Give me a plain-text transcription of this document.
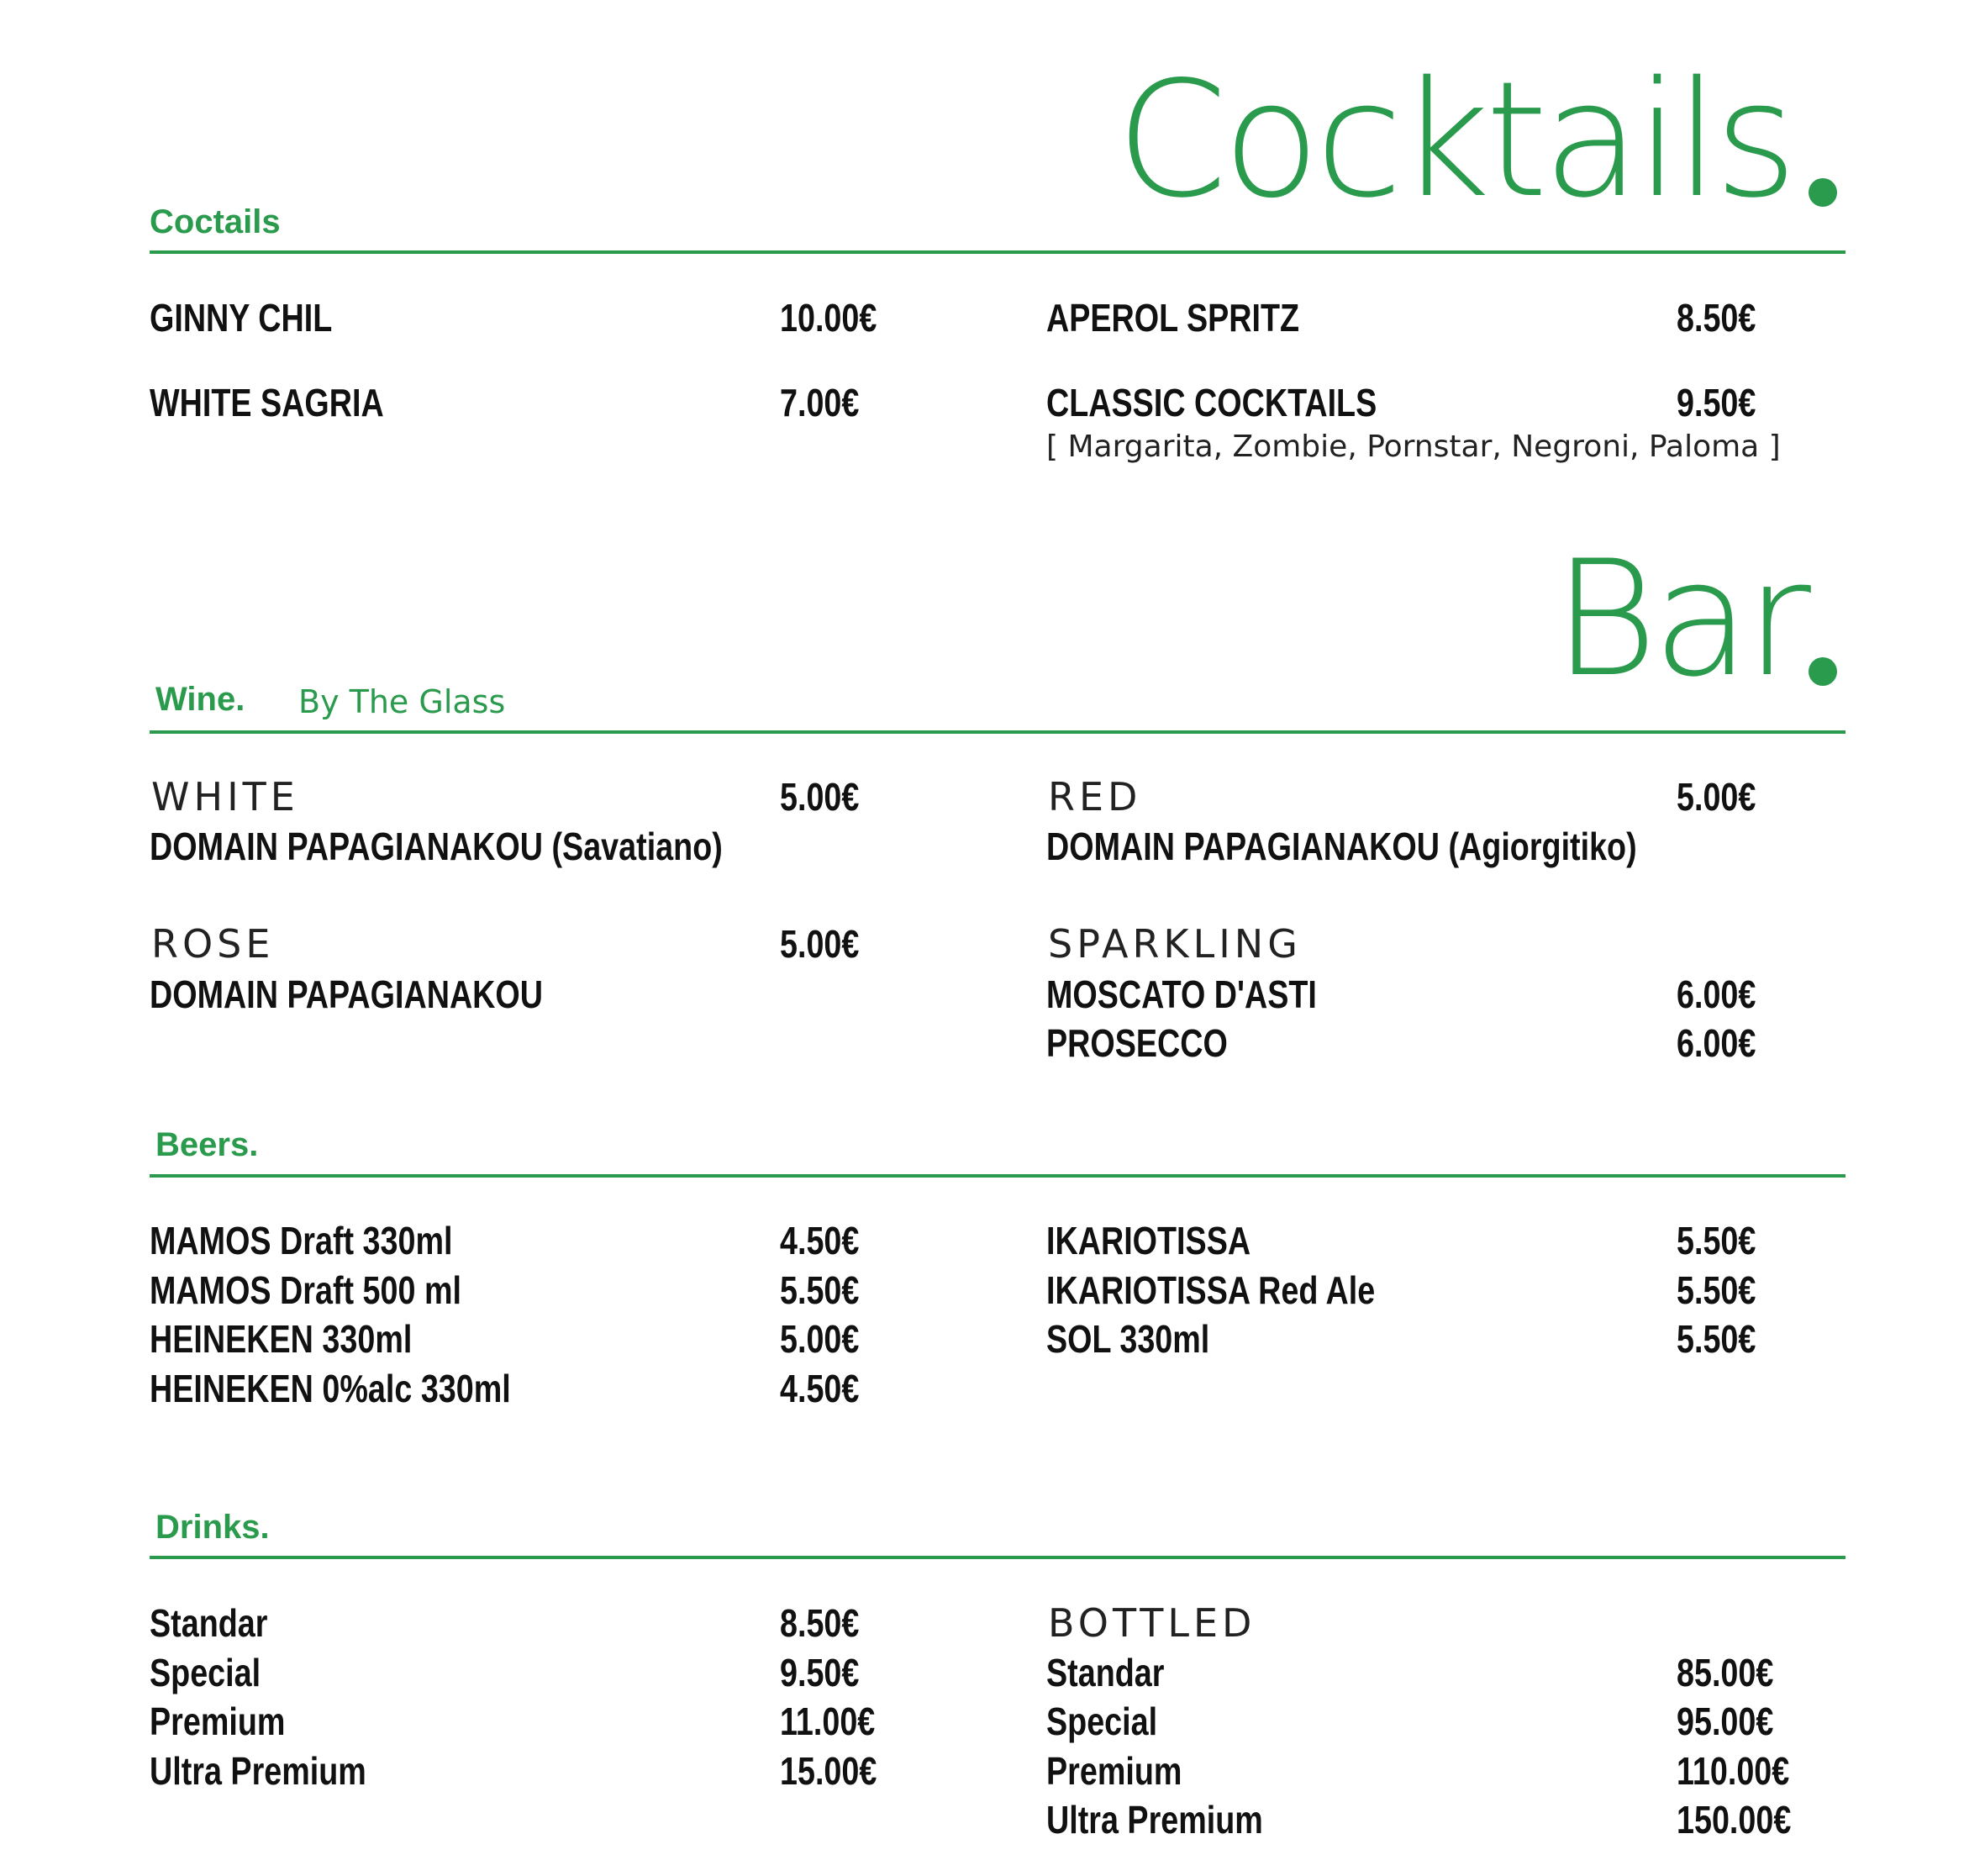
Cocktails
Coctails
GINNY CHIL	10.00€
WHITE SAGRIA	7.00€
APEROL SPRITZ	8.50€
CLASSIC COCKTAILS	9.50€
[ Margarita, Zombie, Pornstar, Negroni, Paloma ]
Bar
Wine. By The Glass
WHITE	5.00€
DOMAIN PAPAGIANAKOU (Savatiano)
RED	5.00€
DOMAIN PAPAGIANAKOU (Agiorgitiko)
ROSE	5.00€
DOMAIN PAPAGIANAKOU
SPARKLING
MOSCATO D'ASTI	6.00€
PROSECCO	6.00€
Beers.
MAMOS Draft 330ml	4.50€
MAMOS Draft 500 ml	5.50€
HEINEKEN 330ml	5.00€
HEINEKEN 0%alc 330ml	4.50€
IKARIOTISSA	5.50€
IKARIOTISSA Red Ale	5.50€
SOL 330ml	5.50€
Drinks.
Standar	8.50€
Special	9.50€
Premium	11.00€
Ultra Premium	15.00€
BOTTLED
Standar	85.00€
Special	95.00€
Premium	110.00€
Ultra Premium	150.00€
